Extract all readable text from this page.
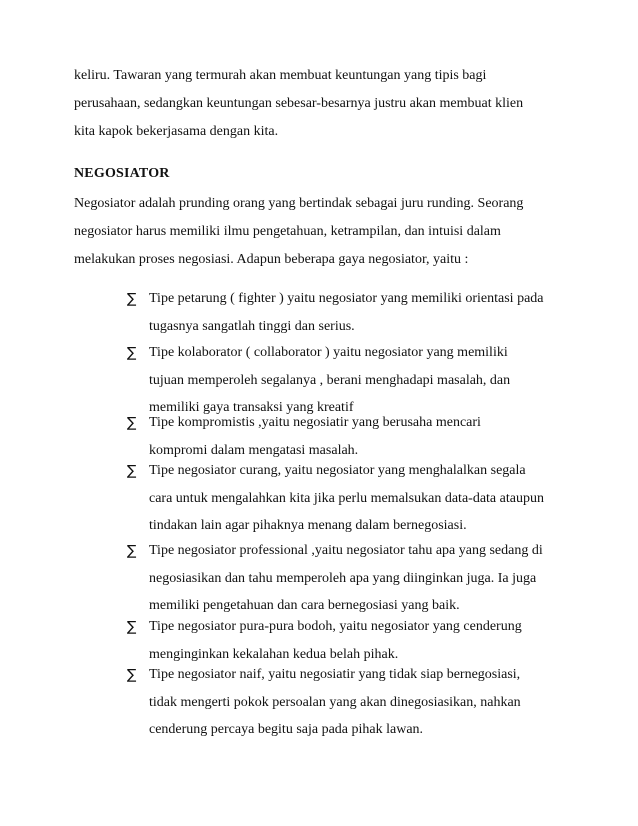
keliru. Tawaran yang termurah akan membuat keuntungan yang tipis bagi
perusahaan, sedangkan keuntungan sebesar-besarnya justru akan membuat klien
kita kapok bekerjasama dengan kita.

NEGOSIATOR

Negosiator adalah prunding orang yang bertindak sebagai juru runding. Seorang
negosiator harus memiliki ilmu pengetahuan, ketrampilan, dan intuisi dalam
melakukan proses negosiasi. Adapun beberapa gaya negosiator, yaitu :

∑ Tipe petarung ( fighter ) yaitu negosiator yang memiliki orientasi pada
tugasnya sangatlah tinggi dan serius.
∑ Tipe kolaborator ( collaborator ) yaitu negosiator yang memiliki
tujuan memperoleh segalanya , berani menghadapi masalah, dan
memiliki gaya transaksi yang kreatif
∑ Tipe kompromistis ,yaitu negosiatir yang berusaha mencari
kompromi dalam mengatasi masalah.
∑ Tipe negosiator curang, yaitu negosiator yang menghalalkan segala
cara untuk mengalahkan kita jika perlu memalsukan data-data ataupun
tindakan lain agar pihaknya menang dalam bernegosiasi.
∑ Tipe negosiator professional ,yaitu negosiator tahu apa yang sedang di
negosiasikan dan tahu memperoleh apa yang diinginkan juga. Ia juga
memiliki pengetahuan dan cara bernegosiasi yang baik.
∑ Tipe negosiator pura-pura bodoh, yaitu negosiator yang cenderung
menginginkan kekalahan kedua belah pihak.
∑ Tipe negosiator naif, yaitu negosiatir yang tidak siap bernegosiasi,
tidak mengerti pokok persoalan yang akan dinegosiasikan, nahkan
cenderung percaya begitu saja pada pihak lawan.
